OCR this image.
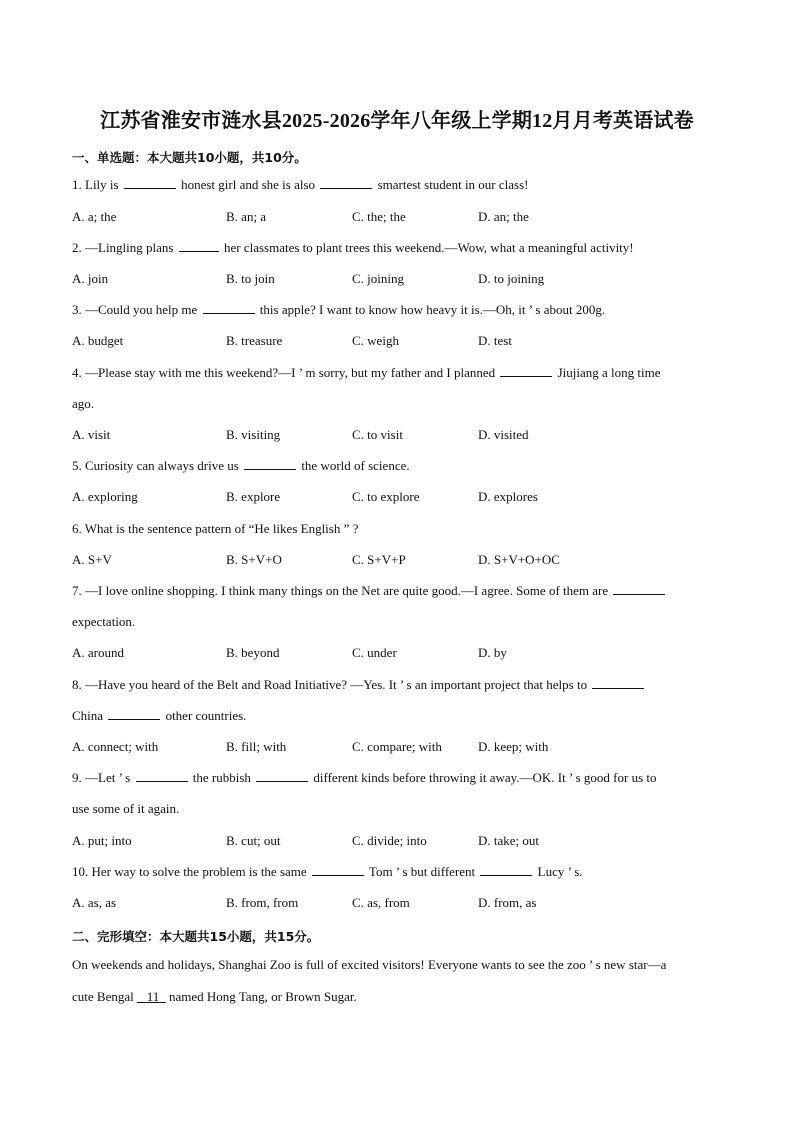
江苏省淮安市涟水县2025-2026学年八年级上学期12月月考英语试卷
一、单选题：本大题共10小题，共10分。
1. Lily is	honest girl and she is also	smartest student in our class!
A. a; the	B. an; a	C. the; the	D. an; the
2. —Lingling plans	her classmates to plant trees this weekend.—Wow, what a meaningful activity!
A. join	B. to join	C. joining	D. to joining
3. —Could you help me	this apple? I want to know how heavy it is.—Oh, it ’ s about 200g.
A. budget	B. treasure	C. weigh	D. test
4. —Please stay with me this weekend?—I ’ m sorry, but my father and I planned	Jiujiang a long time
ago.
A. visit	B. visiting	C. to visit	D. visited
5. Curiosity can always drive us	the world of science.
A. exploring	B. explore	C. to explore	D. explores
6. What is the sentence pattern of “He likes English ” ?
A. S+V	B. S+V+O	C. S+V+P	D. S+V+O+OC
7. —I love online shopping. I think many things on the Net are quite good.—I agree. Some of them are
expectation.
A. around	B. beyond	C. under	D. by
8. —Have you heard of the Belt and Road Initiative? —Yes. It ’ s an important project that helps to
China	other countries.
A. connect; with	B. fill; with	C. compare; with	D. keep; with
9. —Let ’ s	the rubbish	different kinds before throwing it away.—OK. It ’ s good for us to
use some of it again.
A. put; into	B. cut; out	C. divide; into	D. take; out
10. Her way to solve the problem is the same	Tom ’ s but different	Lucy ’ s.
A. as, as	B. from, from	C. as, from	D. from, as
二、完形填空：本大题共15小题，共15分。
On weekends and holidays, Shanghai Zoo is full of excited visitors! Everyone wants to see the zoo ’ s new star—a
cute Bengal    11   named Hong Tang, or Brown Sugar.
